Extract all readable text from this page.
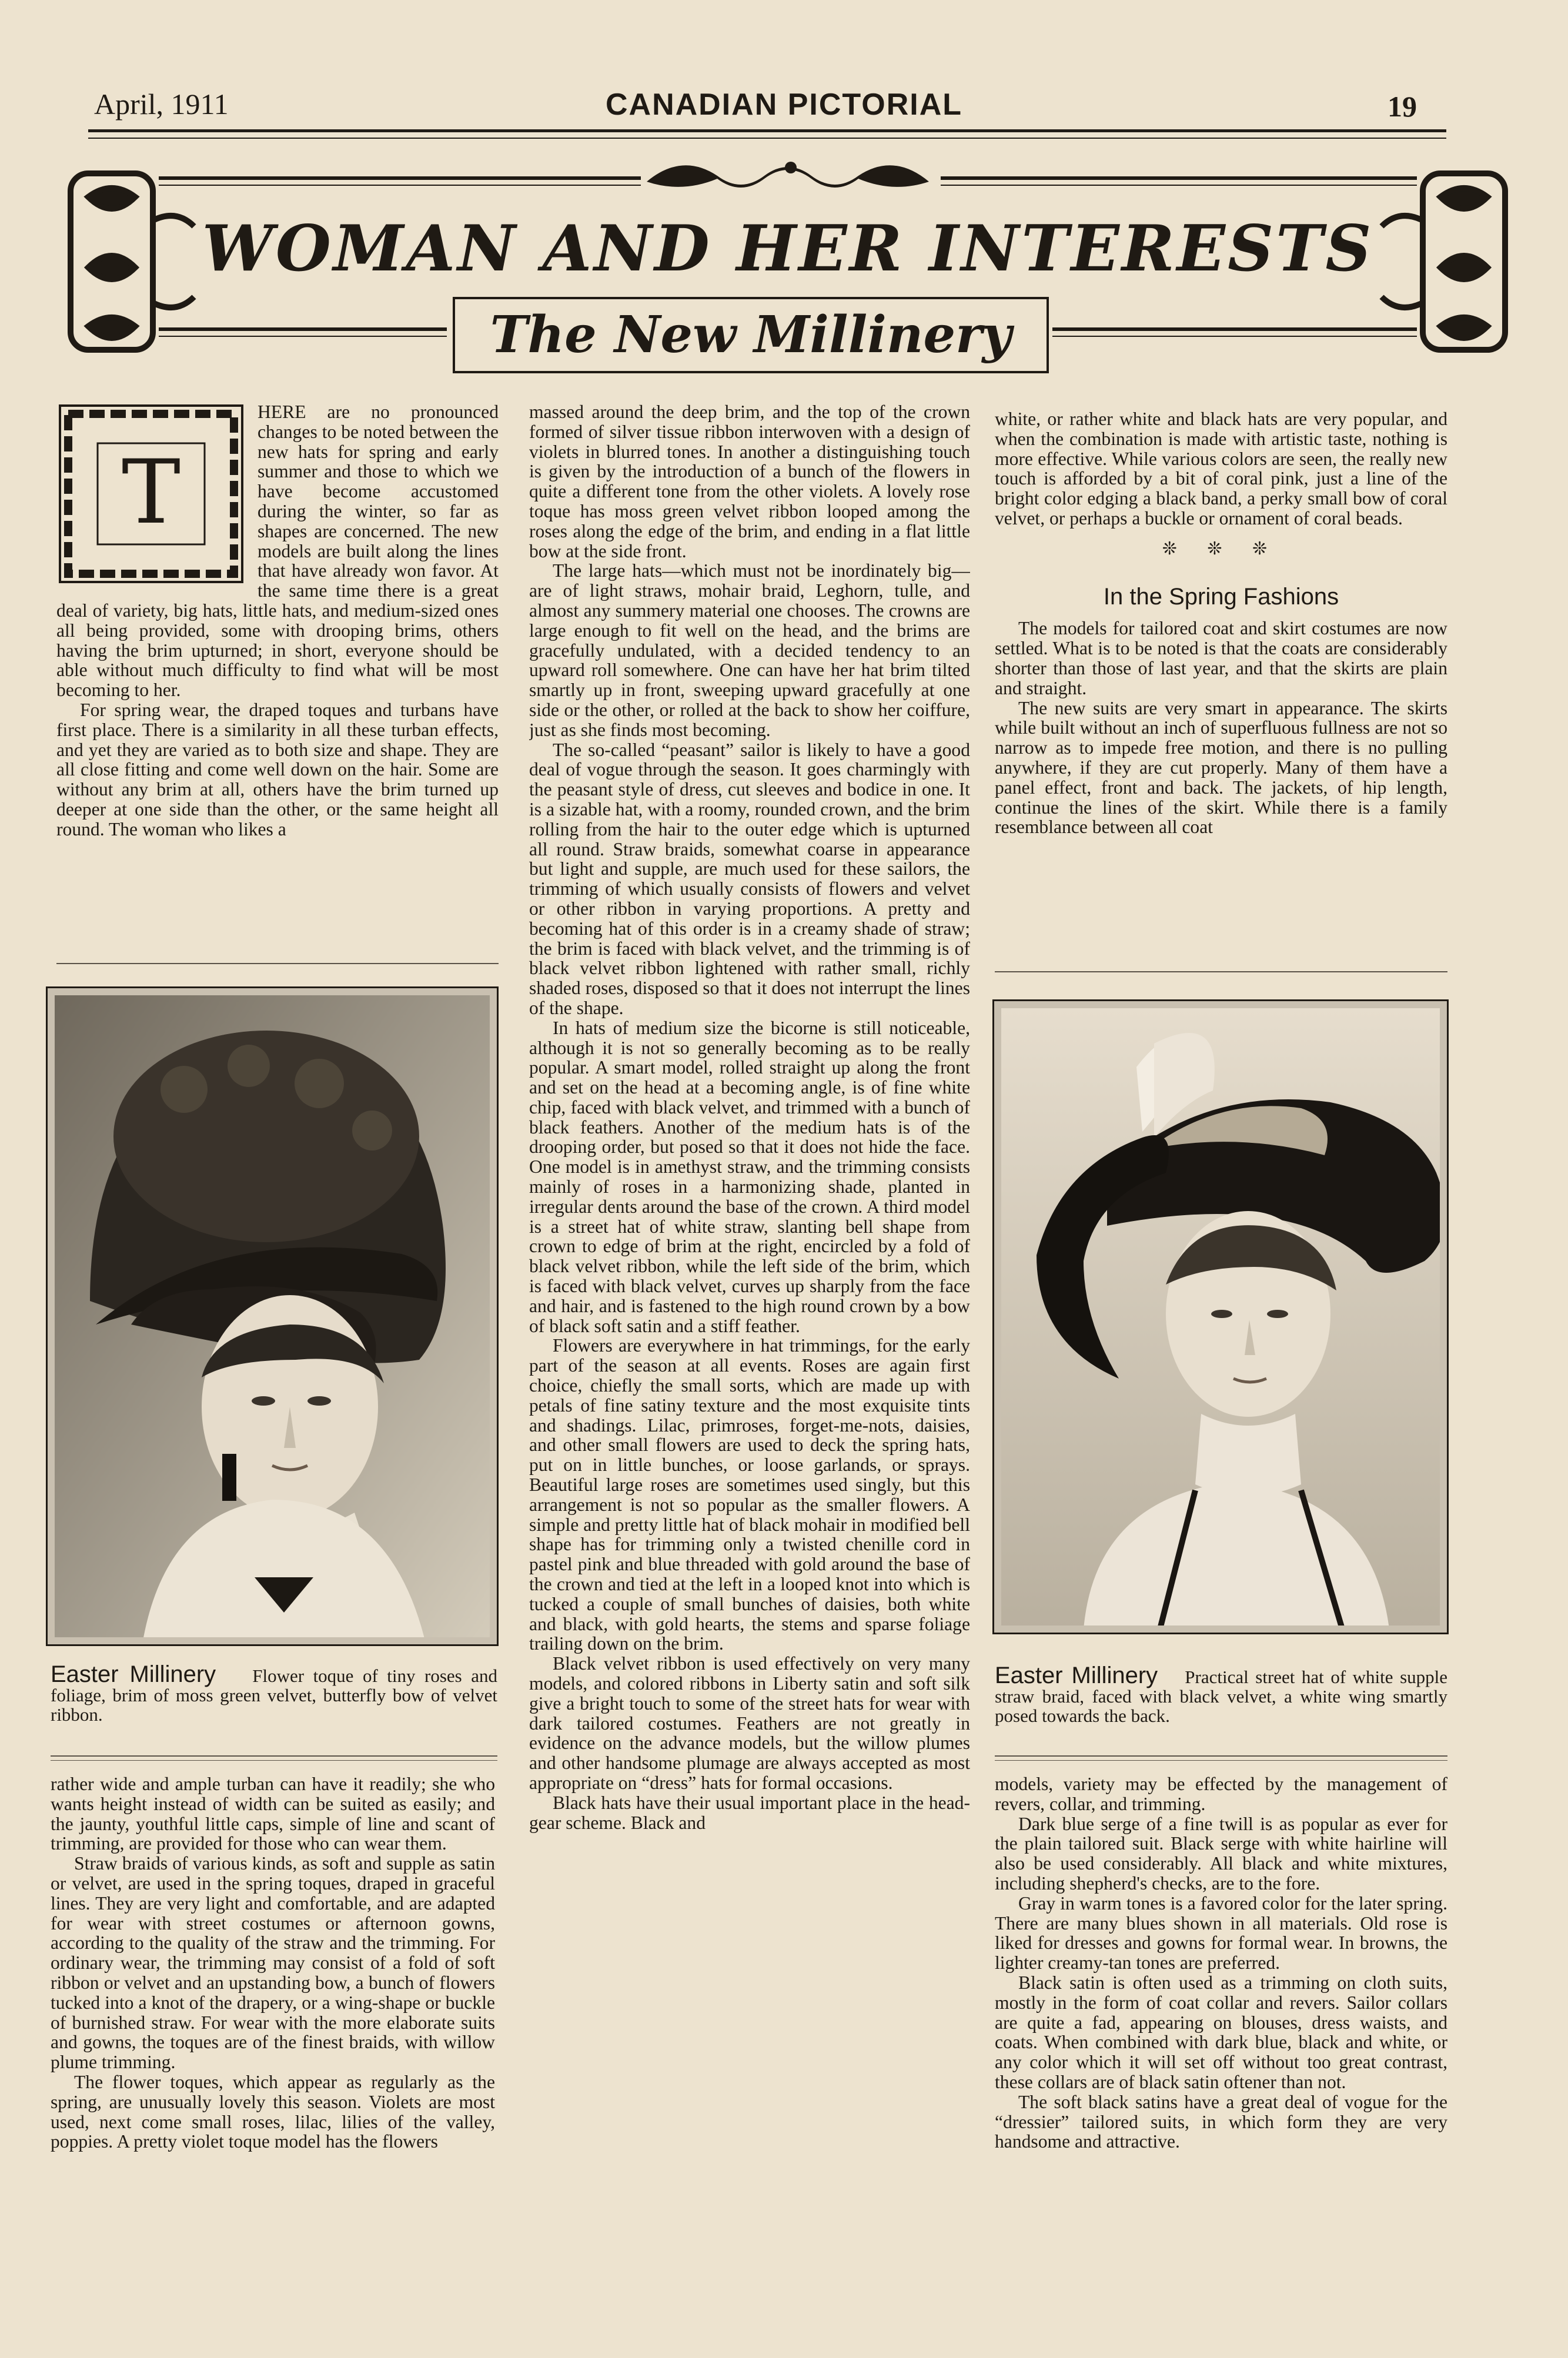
April, 1911	CANADIAN PICTORIAL	19
WOMAN AND HER INTERESTS
The New Millinery
T

HERE are no pronounced changes to be noted between the new hats for spring and early summer and those to which we have become accustomed during the winter, so far as shapes are concerned. The new models are built along the lines that have already won favor. At the same time there is a great deal of variety, big hats, little hats, and medium-sized ones all being provided, some with drooping brims, others having the brim upturned; in short, everyone should be able without much difficulty to find what will be most becoming to her.

For spring wear, the draped toques and turbans have first place. There is a similarity in all these turban effects, and yet they are varied as to both size and shape. They are all close fitting and come well down on the hair. Some are without any brim at all, others have the brim turned up deeper at one side than the other, or the same height all round. The woman who likes a

massed around the deep brim, and the top of the crown formed of silver tissue ribbon interwoven with a design of violets in blurred tones. In another a distinguishing touch is given by the introduction of a bunch of the flowers in quite a different tone from the other violets. A lovely rose toque has moss green velvet ribbon looped among the roses along the edge of the brim, and ending in a flat little bow at the side front.

The large hats—which must not be inordinately big—are of light straws, mohair braid, Leghorn, tulle, and almost any summery material one chooses. The crowns are large enough to fit well on the head, and the brims are gracefully undulated, with a decided tendency to an upward roll somewhere. One can have her hat brim tilted smartly up in front, sweeping upward gracefully at one side or the other, or rolled at the back to show her coiffure, just as she finds most becoming.

The so-called “peasant” sailor is likely to have a good deal of vogue through the season. It goes charmingly with the peasant style of dress, cut sleeves and bodice in one. It is a sizable hat, with a roomy, rounded crown, and the brim rolling from the hair to the outer edge which is upturned all round. Straw braids, somewhat coarse in appearance but light and supple, are much used for these sailors, the trimming of which usually consists of flowers and velvet or other ribbon in varying proportions. A pretty and becoming hat of this order is in a creamy shade of straw; the brim is faced with black velvet, and the trimming is of black velvet ribbon lightened with rather small, richly shaded roses, disposed so that it does not interrupt the lines of the shape.

In hats of medium size the bicorne is still noticeable, although it is not so generally becoming as to be really popular. A smart model, rolled straight up along the front and set on the head at a becoming angle, is of fine white chip, faced with black velvet, and trimmed with a bunch of black feathers. Another of the medium hats is of the drooping order, but posed so that it does not hide the face. One model is in amethyst straw, and the trimming consists mainly of roses in a harmonizing shade, planted in irregular dents around the base of the crown. A third model is a street hat of white straw, slanting bell shape from crown to edge of brim at the right, encircled by a fold of black velvet ribbon, while the left side of the brim, which is faced with black velvet, curves up sharply from the face and hair, and is fastened to the high round crown by a bow of black soft satin and a stiff feather.

Flowers are everywhere in hat trimmings, for the early part of the season at all events. Roses are again first choice, chiefly the small sorts, which are made up with petals of fine satiny texture and the most exquisite tints and shadings. Lilac, primroses, forget-me-nots, daisies, and other small flowers are used to deck the spring hats, put on in little bunches, or loose garlands, or sprays. Beautiful large roses are sometimes used singly, but this arrangement is not so popular as the smaller flowers. A simple and pretty little hat of black mohair in modified bell shape has for trimming only a twisted chenille cord in pastel pink and blue threaded with gold around the base of the crown and tied at the left in a looped knot into which is tucked a couple of small bunches of daisies, both white and black, with gold hearts, the stems and sparse foliage trailing down on the brim.

Black velvet ribbon is used effectively on very many models, and colored ribbons in Liberty satin and soft silk give a bright touch to some of the street hats for wear with dark tailored costumes. Feathers are not greatly in evidence on the advance models, but the willow plumes and other handsome plumage are always accepted as most appropriate on “dress” hats for formal occasions.

Black hats have their usual important place in the head-gear scheme. Black and

white, or rather white and black hats are very popular, and when the combination is made with artistic taste, nothing is more effective. While various colors are seen, the really new touch is afforded by a bit of coral pink, just a line of the bright color edging a black band, a perky small bow of coral velvet, or perhaps a buckle or ornament of coral beads.

❊ ❊ ❊
In the Spring Fashions

The models for tailored coat and skirt costumes are now settled. What is to be noted is that the coats are considerably shorter than those of last year, and that the skirts are plain and straight.

The new suits are very smart in appearance. The skirts while built without an inch of superfluous fullness are not so narrow as to impede free motion, and there is no pulling anywhere, if they are cut properly. Many of them have a panel effect, front and back. The jackets, of hip length, continue the lines of the skirt. While there is a family resemblance between all coat

Easter Millinery Flower toque of tiny roses and foliage, brim of moss green velvet, butterfly bow of velvet ribbon.
Easter Millinery Practical street hat of white supple straw braid, faced with black velvet, a white wing smartly posed towards the back.

rather wide and ample turban can have it readily; she who wants height instead of width can be suited as easily; and the jaunty, youthful little caps, simple of line and scant of trimming, are provided for those who can wear them.

Straw braids of various kinds, as soft and supple as satin or velvet, are used in the spring toques, draped in graceful lines. They are very light and comfortable, and are adapted for wear with street costumes or afternoon gowns, according to the quality of the straw and the trimming. For ordinary wear, the trimming may consist of a fold of soft ribbon or velvet and an upstanding bow, a bunch of flowers tucked into a knot of the drapery, or a wing-shape or buckle of burnished straw. For wear with the more elaborate suits and gowns, the toques are of the finest braids, with willow plume trimming.

The flower toques, which appear as regularly as the spring, are unusually lovely this season. Violets are most used, next come small roses, lilac, lilies of the valley, poppies. A pretty violet toque model has the flowers

models, variety may be effected by the management of revers, collar, and trimming.

Dark blue serge of a fine twill is as popular as ever for the plain tailored suit. Black serge with white hairline will also be used considerably. All black and white mixtures, including shepherd's checks, are to the fore.

Gray in warm tones is a favored color for the later spring. There are many blues shown in all materials. Old rose is liked for dresses and gowns for formal wear. In browns, the lighter creamy-tan tones are preferred.

Black satin is often used as a trimming on cloth suits, mostly in the form of coat collar and revers. Sailor collars are quite a fad, appearing on blouses, dress waists, and coats. When combined with dark blue, black and white, or any color which it will set off without too great contrast, these collars are of black satin oftener than not.

The soft black satins have a great deal of vogue for the “dressier” tailored suits, in which form they are very handsome and attractive.
